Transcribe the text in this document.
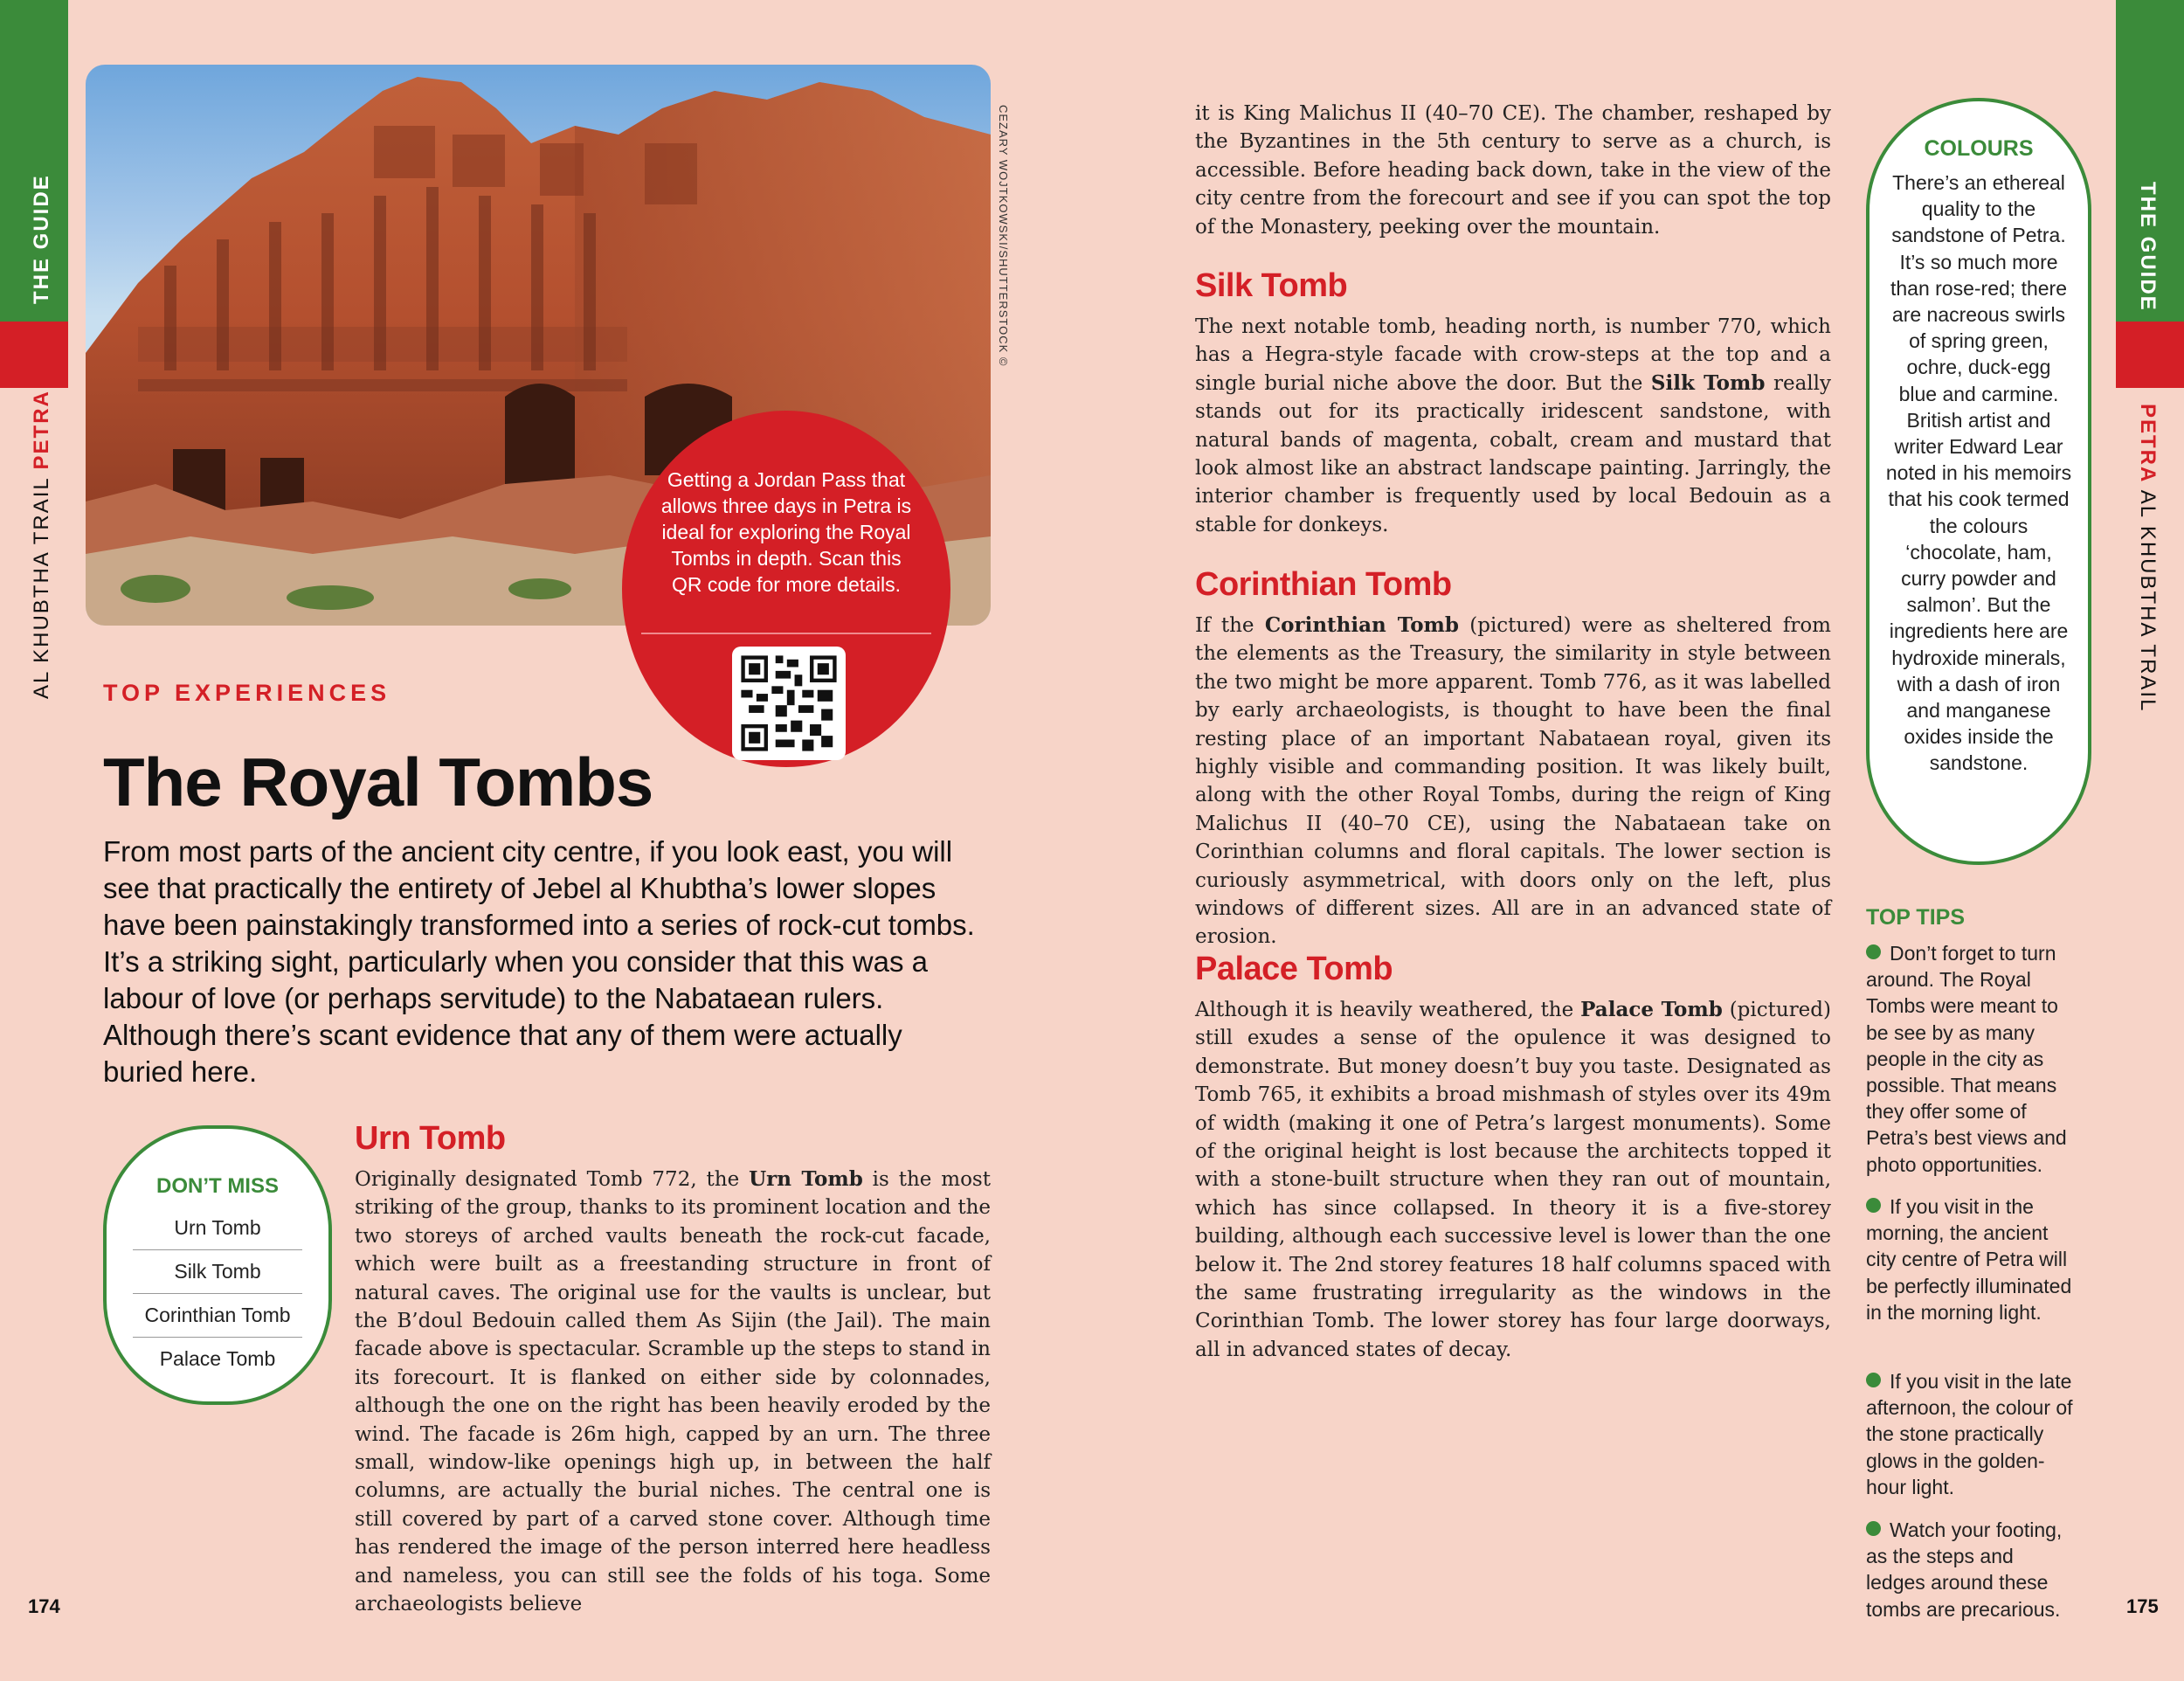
THE GUIDE
AL KHUBTHA TRAIL PETRA
THE GUIDE
PETRA AL KHUBTHA TRAIL
CEZARY WOJTKOWSKI/SHUTTERSTOCK ©
Getting a Jordan Pass that allows three days in Petra is ideal for exploring the Royal Tombs in depth. Scan this QR code for more details.
TOP EXPERIENCES
The Royal Tombs
From most parts of the ancient city centre, if you look east, you will see that practically the entirety of Jebel al Khubtha’s lower slopes have been painstakingly transformed into a series of rock-cut tombs. It’s a striking sight, particularly when you consider that this was a labour of love (or perhaps servitude) to the Nabataean rulers. Although there’s scant evidence that any of them were actually buried here.
DON’T MISS
Urn Tomb
Silk Tomb
Corinthian Tomb
Palace Tomb
Urn Tomb
Originally designated Tomb 772, the Urn Tomb is the most striking of the group, thanks to its prominent location and the two storeys of arched vaults beneath the rock-cut facade, which were built as a freestanding structure in front of natural caves. The original use for the vaults is unclear, but the B’doul Bedouin called them As Sijin (the Jail). The main facade above is spectacular. Scramble up the steps to stand in its forecourt. It is flanked on either side by colonnades, although the one on the right has been heavily eroded by the wind. The facade is 26m high, capped by an urn. The three small, window-like openings high up, in between the half columns, are actually the burial niches. The central one is still covered by part of a carved stone cover. Although time has rendered the image of the person interred here headless and nameless, you can still see the folds of his toga. Some archaeologists believe
it is King Malichus II (40–70 CE). The chamber, reshaped by the Byzantines in the 5th century to serve as a church, is accessible. Before heading back down, take in the view of the city centre from the forecourt and see if you can spot the top of the Monastery, peeking over the mountain.
Silk Tomb
The next notable tomb, heading north, is number 770, which has a Hegra-style facade with crow-steps at the top and a single burial niche above the door. But the Silk Tomb really stands out for its practically iridescent sandstone, with natural bands of magenta, cobalt, cream and mustard that look almost like an abstract landscape painting. Jarringly, the interior chamber is frequently used by local Bedouin as a stable for donkeys.
Corinthian Tomb
If the Corinthian Tomb (pictured) were as sheltered from the elements as the Treasury, the similarity in style between the two might be more apparent. Tomb 776, as it was labelled by early archaeologists, is thought to have been the final resting place of an important Nabataean royal, given its highly visible and commanding position. It was likely built, along with the other Royal Tombs, during the reign of King Malichus II (40–70 CE), using the Nabataean take on Corinthian columns and floral capitals. The lower section is curiously asymmetrical, with doors only on the left, plus windows of different sizes. All are in an advanced state of erosion.
Palace Tomb
Although it is heavily weathered, the Palace Tomb (pictured) still exudes a sense of the opulence it was designed to demonstrate. But money doesn’t buy you taste. Designated as Tomb 765, it exhibits a broad mishmash of styles over its 49m of width (making it one of Petra’s largest monuments). Some of the original height is lost because the architects topped it with a stone-built structure when they ran out of mountain, which has since collapsed. In theory it is a five-storey building, although each successive level is lower than the one below it. The 2nd storey features 18 half columns spaced with the same frustrating irregularity as the windows in the Corinthian Tomb. The lower storey has four large doorways, all in advanced states of decay.
COLOURS
There’s an ethereal quality to the sandstone of Petra. It’s so much more than rose-red; there are nacreous swirls of spring green, ochre, duck-egg blue and carmine. British artist and writer Edward Lear noted in his memoirs that his cook termed the colours ‘chocolate, ham, curry powder and salmon’. But the ingredients here are hydroxide minerals, with a dash of iron and manganese oxides inside the sandstone.
TOP TIPS
Don’t forget to turn around. The Royal Tombs were meant to be see by as many people in the city as possible. That means they offer some of Petra’s best views and photo opportunities.
If you visit in the morning, the ancient city centre of Petra will be perfectly illuminated in the morning light.
If you visit in the late afternoon, the colour of the stone practically glows in the golden-hour light.
Watch your footing, as the steps and ledges around these tombs are precarious.
174	175
